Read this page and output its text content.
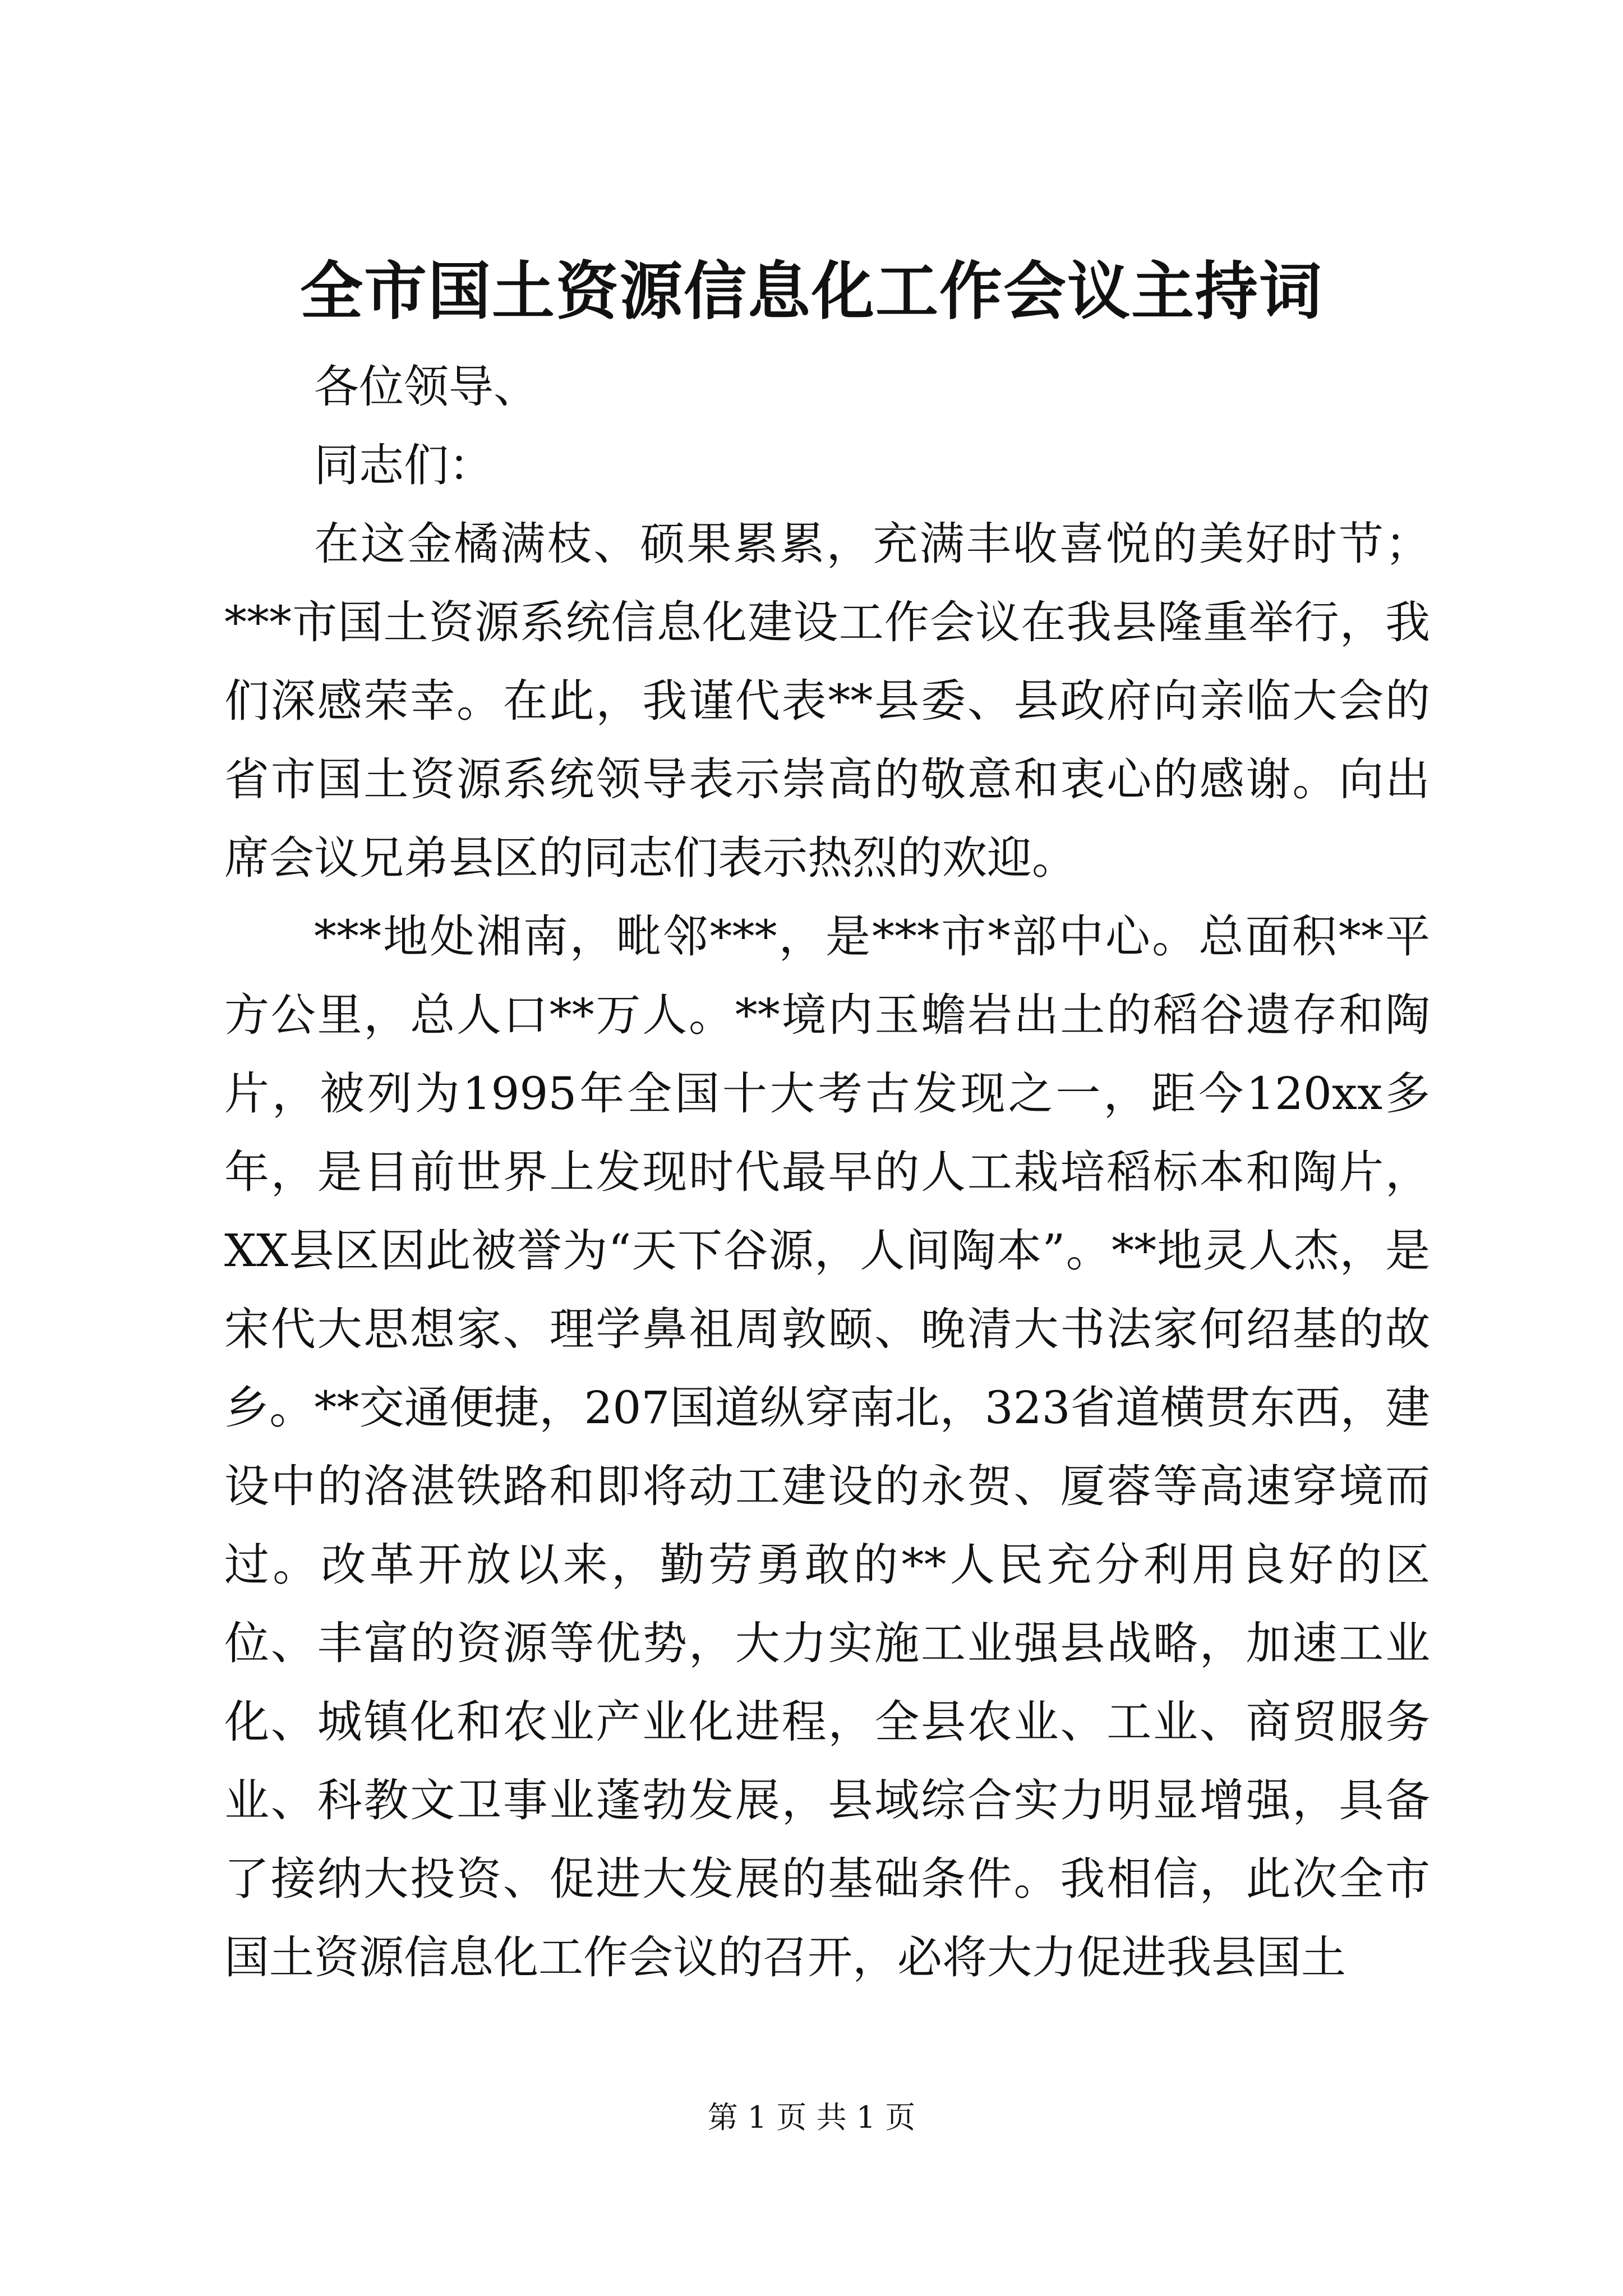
全市国土资源信息化工作会议主持词

各位领导、

同志们：

在这金橘满枝、硕果累累，充满丰收喜悦的美好时节；***市国土资源系统信息化建设工作会议在我县隆重举行，我们深感荣幸。在此，我谨代表**县委、县政府向亲临大会的省市国土资源系统领导表示崇高的敬意和衷心的感谢。向出席会议兄弟县区的同志们表示热烈的欢迎。

***地处湘南，毗邻***，是***市*部中心。总面积**平方公里，总人口**万人。**境内玉蟾岩出土的稻谷遗存和陶片，被列为1995年全国十大考古发现之一，距今120xx多年，是目前世界上发现时代最早的人工栽培稻标本和陶片，XX县区因此被誉为“天下谷源，人间陶本”。**地灵人杰，是宋代大思想家、理学鼻祖周敦颐、晚清大书法家何绍基的故乡。**交通便捷，207国道纵穿南北，323省道横贯东西，建设中的洛湛铁路和即将动工建设的永贺、厦蓉等高速穿境而过。改革开放以来，勤劳勇敢的**人民充分利用良好的区位、丰富的资源等优势，大力实施工业强县战略，加速工业化、城镇化和农业产业化进程，全县农业、工业、商贸服务业、科教文卫事业蓬勃发展，县域综合实力明显增强，具备了接纳大投资、促进大发展的基础条件。我相信，此次全市国土资源信息化工作会议的召开，必将大力促进我县国土

第 1 页 共 1 页
